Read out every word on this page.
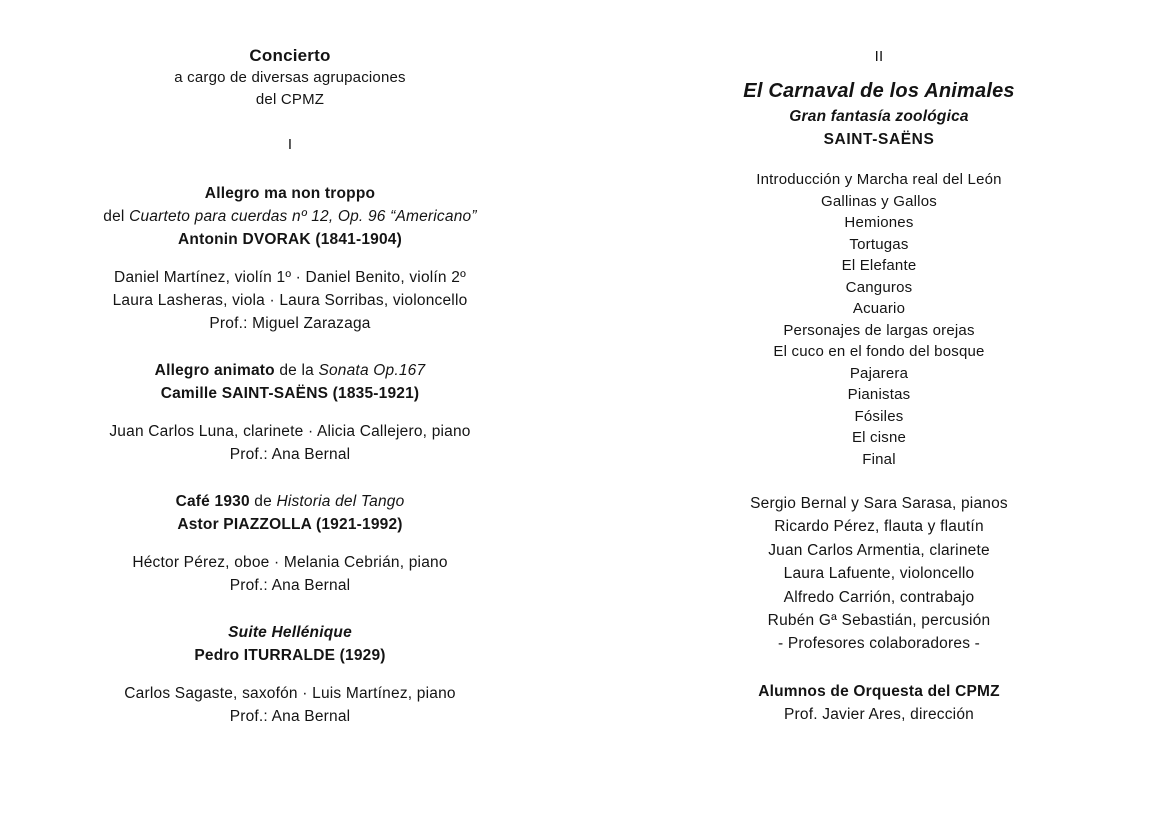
Concierto
a cargo de diversas agrupaciones
del CPMZ
I
Allegro ma non troppo
del Cuarteto para cuerdas nº 12, Op. 96 “Americano”
Antonin DVORAK (1841-1904)
Daniel Martínez, violín 1º · Daniel Benito, violín 2º
Laura Lasheras, viola · Laura Sorribas, violoncello
Prof.: Miguel Zarazaga
Allegro animato de la Sonata Op.167
Camille SAINT-SAËNS (1835-1921)
Juan Carlos Luna, clarinete · Alicia Callejero, piano
Prof.: Ana Bernal
Café 1930 de Historia del Tango
Astor PIAZZOLLA (1921-1992)
Héctor Pérez, oboe · Melania Cebrián, piano
Prof.: Ana Bernal
Suite Hellénique
Pedro ITURRALDE (1929)
Carlos Sagaste, saxofón · Luis Martínez, piano
Prof.: Ana Bernal
II
El Carnaval de los Animales
Gran fantasía zoológica
SAINT-SAËNS
Introducción y Marcha real del León
Gallinas y Gallos
Hemiones
Tortugas
El Elefante
Canguros
Acuario
Personajes de largas orejas
El cuco en el fondo del bosque
Pajarera
Pianistas
Fósiles
El cisne
Final
Sergio Bernal y Sara Sarasa, pianos
Ricardo Pérez, flauta y flautín
Juan Carlos Armentia, clarinete
Laura Lafuente, violoncello
Alfredo Carrión, contrabajo
Rubén Gª Sebastián, percusión
- Profesores colaboradores -
Alumnos de Orquesta del CPMZ
Prof. Javier Ares, dirección
